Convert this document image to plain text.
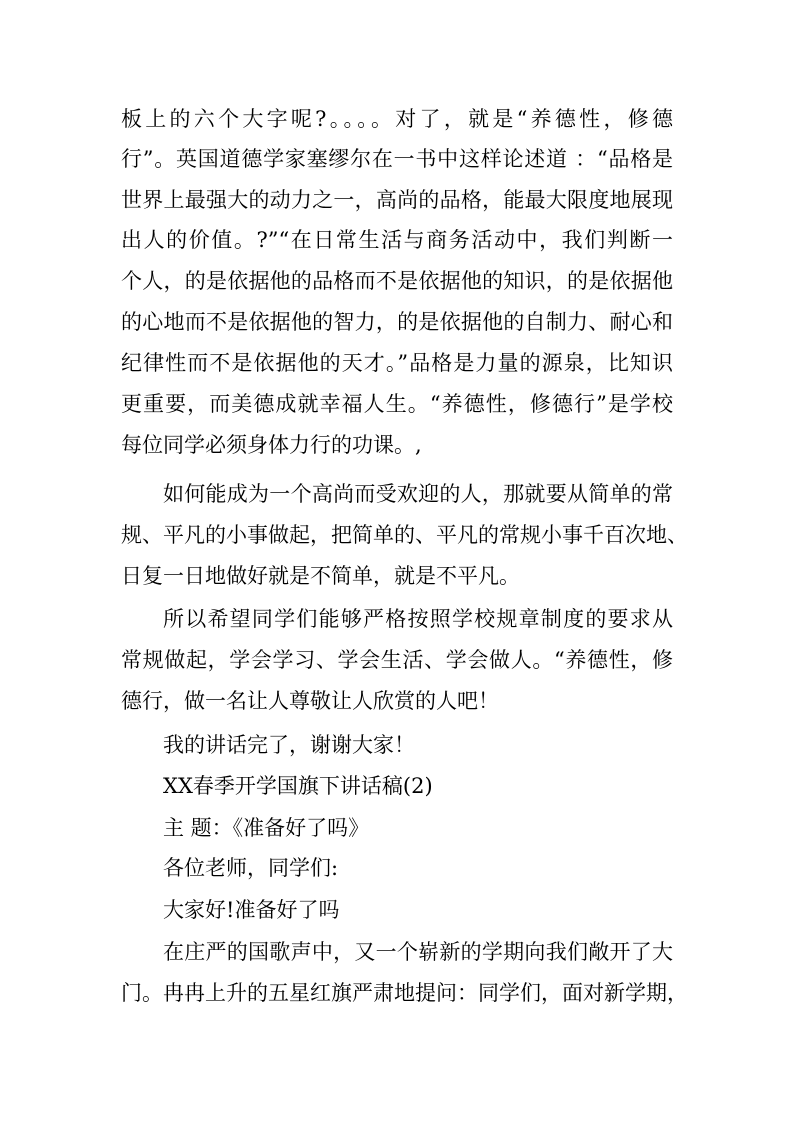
板上的六个大字呢?。。。。对了，就是“养德性，修德
行”。英国道德学家塞缪尔在一书中这样论述道 ：“品格是
世界上最强大的动力之一，高尚的品格，能最大限度地展现
出人的价值。?”“在日常生活与商务活动中，我们判断一
个人，的是依据他的品格而不是依据他的知识，的是依据他
的心地而不是依据他的智力，的是依据他的自制力、耐心和
纪律性而不是依据他的天才。”品格是力量的源泉，比知识
更重要，而美德成就幸福人生。“养德性，修德行”是学校
每位同学必须身体力行的功课。,
如何能成为一个高尚而受欢迎的人，那就要从简单的常
规、平凡的小事做起，把简单的、平凡的常规小事千百次地、
日复一日地做好就是不简单，就是不平凡。
所以希望同学们能够严格按照学校规章制度的要求从
常规做起，学会学习、学会生活、学会做人。“养德性，修
德行，做一名让人尊敬让人欣赏的人吧！
我的讲话完了，谢谢大家！
XX春季开学国旗下讲话稿(2)
主 题：《准备好了吗》
各位老师，同学们:
大家好!准备好了吗
在庄严的国歌声中，又一个崭新的学期向我们敞开了大
门。冉冉上升的五星红旗严肃地提问：同学们，面对新学期，
